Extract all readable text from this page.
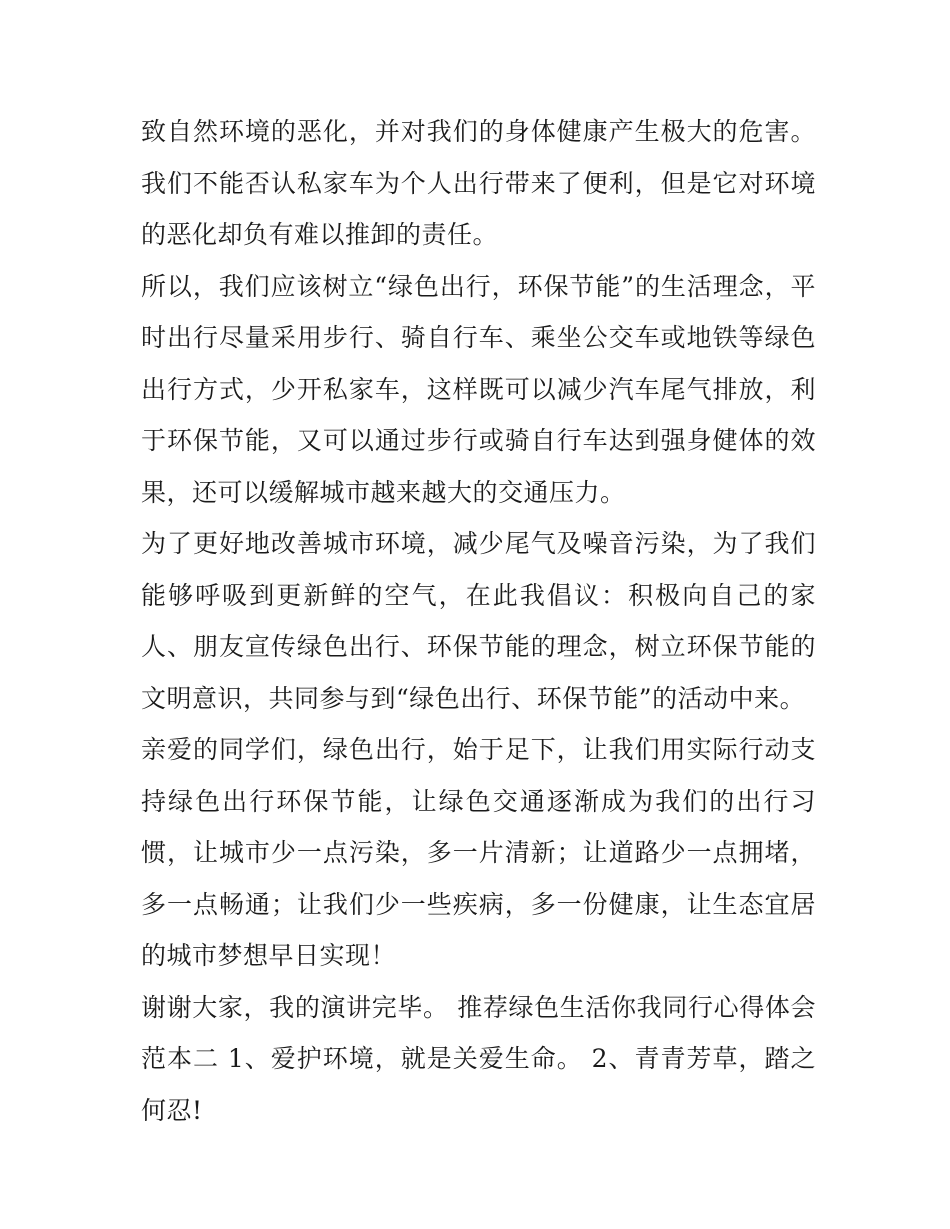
致自然环境的恶化，并对我们的身体健康产生极大的危害。我们不能否认私家车为个人出行带来了便利，但是它对环境的恶化却负有难以推卸的责任。

所以，我们应该树立“绿色出行，环保节能”的生活理念，平时出行尽量采用步行、骑自行车、乘坐公交车或地铁等绿色出行方式，少开私家车，这样既可以减少汽车尾气排放，利于环保节能，又可以通过步行或骑自行车达到强身健体的效果，还可以缓解城市越来越大的交通压力。

为了更好地改善城市环境，减少尾气及噪音污染，为了我们能够呼吸到更新鲜的空气，在此我倡议：积极向自己的家人、朋友宣传绿色出行、环保节能的理念，树立环保节能的文明意识，共同参与到“绿色出行、环保节能”的活动中来。

亲爱的同学们，绿色出行，始于足下，让我们用实际行动支持绿色出行环保节能，让绿色交通逐渐成为我们的出行习惯，让城市少一点污染，多一片清新；让道路少一点拥堵，多一点畅通；让我们少一些疾病，多一份健康，让生态宜居的城市梦想早日实现！

谢谢大家，我的演讲完毕。 推荐绿色生活你我同行心得体会范本二 1、爱护环境，就是关爱生命。 2、青青芳草，踏之何忍!
